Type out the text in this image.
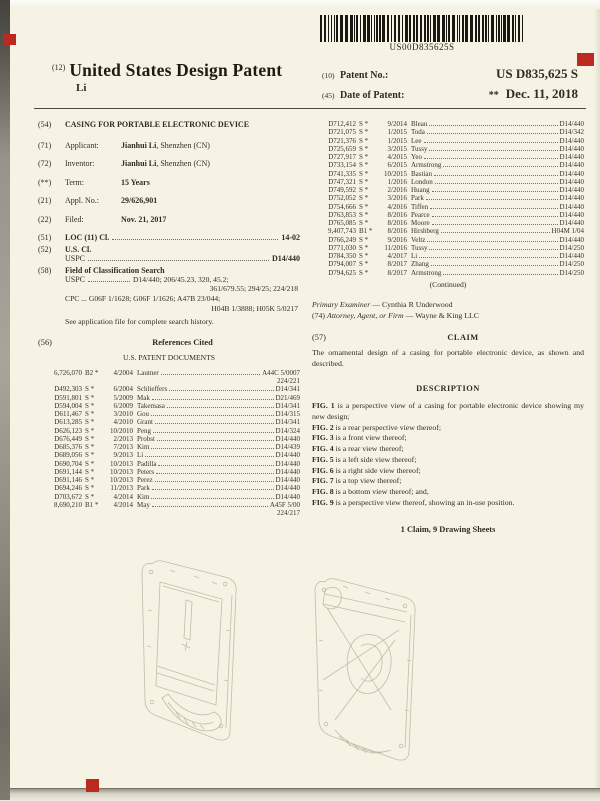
US00D835625S
$^{(12)}$ United States Design Patent
Li
(10) Patent No.:	US D835,625 S
(45) Date of Patent:	** Dec. 11, 2018
(54)	CASING FOR PORTABLE ELECTRONIC DEVICE
(71)	Applicant:	Jianhui Li, Shenzhen (CN)
(72)	Inventor:	Jianhui Li, Shenzhen (CN)
(**)	Term:	15 Years
(21)	Appl. No.:	29/626,901
(22)	Filed:	Nov. 21, 2017
(51)	LOC (11) Cl.	14-02
(52)	U.S. Cl.
USPC	D14/440
(58)	Field of Classification Search
USPC	D14/440; 206/45.23, 320, 45.2;
361/679.55; 294/25; 224/218
CPC ... G06F 1/1628; G06F 1/1626; A47B 23/044;
H04B 1/3888; H05K 5/0217
See application file for complete search history.
(56)	References Cited
U.S. PATENT DOCUMENTS
6,726,070 B2 *	4/2004 Lautner	A44C 5/0007
224/221
D492,303 S *	6/2004 Schlieffers	D14/341
D591,801 S *	5/2009 Mak	D21/469
D594,004 S *	6/2009 Takemasa	D14/341
D611,467 S *	3/2010 Gou	D14/315
D613,285 S *	4/2010 Grant	D14/341
D626,123 S *	10/2010 Peng	D14/324
D676,449 S *	2/2013 Probst	D14/440
D685,376 S *	7/2013 Kim	D14/439
D689,056 S *	9/2013 Li	D14/440
D690,704 S *	10/2013 Padilla	D14/440
D691,144 S *	10/2013 Peters	D14/440
D691,146 S *	10/2013 Perez	D14/440
D694,246 S *	11/2013 Park	D14/440
D703,672 S *	4/2014 Kim	D14/440
8,690,210 B1 *	4/2014 May	A45F 5/00
224/217
D712,412 S *	9/2014 Bleau	D14/440
D721,075 S *	1/2015 Toda	D14/342
D721,376 S *	1/2015 Lee	D14/440
D725,659 S *	3/2015 Tussy	D14/440
D727,917 S *	4/2015 Yeo	D14/440
D733,154 S *	6/2015 Armstrong	D14/440
D741,335 S *	10/2015 Bastian	D14/440
D747,321 S *	1/2016 London	D14/440
D749,592 S *	2/2016 Huang	D14/440
D752,052 S *	3/2016 Park	D14/440
D754,666 S *	4/2016 Tiffen	D14/440
D763,853 S *	8/2016 Pearce	D14/440
D765,085 S *	8/2016 Moore	D14/440
9,407,743 B1 *	8/2016 Hirshberg	H04M 1/04
D766,249 S *	9/2016 Veltz	D14/440
D771,030 S *	11/2016 Tussy	D14/250
D784,350 S *	4/2017 Li	D14/440
D794,007 S *	8/2017 Zhang	D14/250
D794,625 S *	8/2017 Armstrong	D14/250
(Continued)
Primary Examiner — Cynthia R Underwood
(74) Attorney, Agent, or Firm — Wayne & King LLC
(57)	CLAIM
The ornamental design of a casing for portable electronic device, as shown and described.
DESCRIPTION
FIG. 1 is a perspective view of a casing for portable electronic device showing my new design;
FIG. 2 is a rear perspective view thereof;
FIG. 3 is a front view thereof;
FIG. 4 is a rear view thereof;
FIG. 5 is a left side view thereof;
FIG. 6 is a right side view thereof;
FIG. 7 is a top view thereof;
FIG. 8 is a bottom view thereof; and,
FIG. 9 is a perspective view thereof, showing an in-use position.
1 Claim, 9 Drawing Sheets
